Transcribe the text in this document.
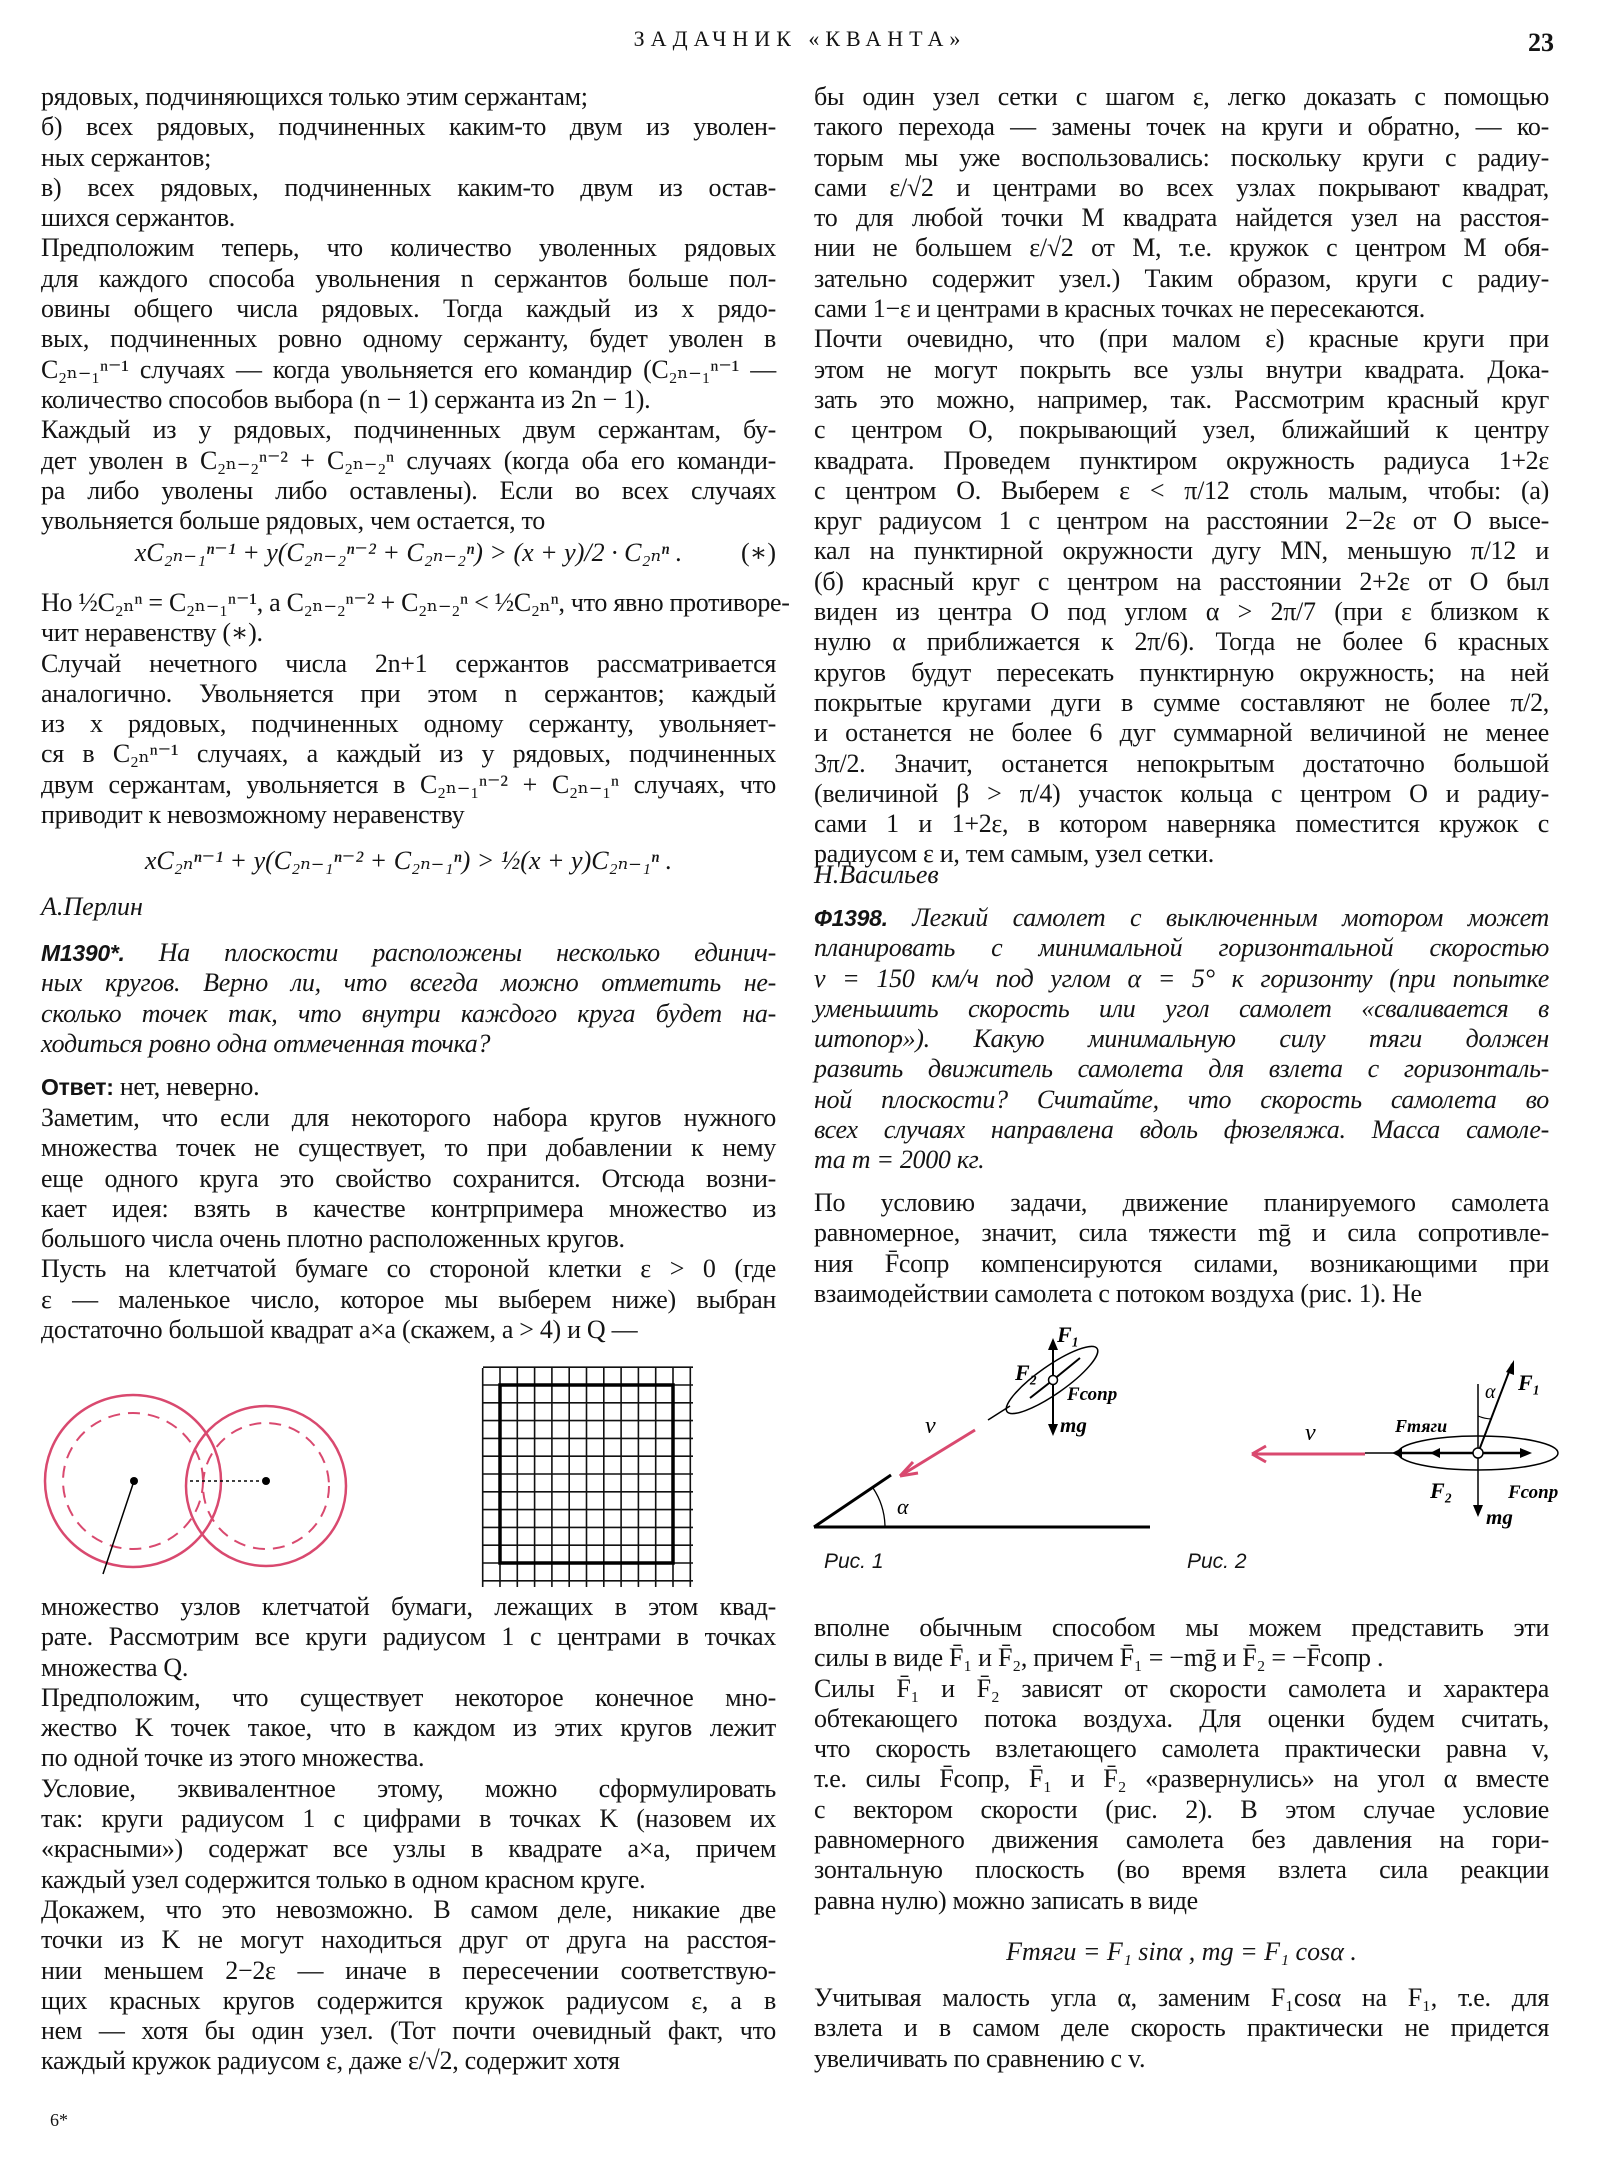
ЗАДАЧНИК «КВАНТА»	23
рядовых, подчиняющихся только этим сержантам;
б) всех рядовых, подчиненных каким-то двум из уволен-
ных сержантов;
в) всех рядовых, подчиненных каким-то двум из остав-
шихся сержантов.
Предположим теперь, что количество уволенных рядовых
для каждого способа увольнения n сержантов больше пол-
овины общего числа рядовых. Тогда каждый из x рядо-
вых, подчиненных ровно одному сержанту, будет уволен в
C₂ₙ₋₁ⁿ⁻¹ случаях — когда увольняется его командир (C₂ₙ₋₁ⁿ⁻¹ —
количество способов выбора (n − 1) сержанта из 2n − 1).
Каждый из y рядовых, подчиненных двум сержантам, бу-
дет уволен в C₂ₙ₋₂ⁿ⁻² + C₂ₙ₋₂ⁿ случаях (когда оба его команди-
ра либо уволены либо оставлены). Если во всех случаях
увольняется больше рядовых, чем остается, то
xC₂ₙ₋₁ⁿ⁻¹ + y(C₂ₙ₋₂ⁿ⁻² + C₂ₙ₋₂ⁿ) > (x + y)/2 · C₂ₙⁿ . (∗)
Но ½C₂ₙⁿ = C₂ₙ₋₁ⁿ⁻¹, а C₂ₙ₋₂ⁿ⁻² + C₂ₙ₋₂ⁿ < ½C₂ₙⁿ, что явно противоре-
чит неравенству (∗).
Случай нечетного числа 2n+1 сержантов рассматривается
аналогично. Увольняется при этом n сержантов; каждый
из x рядовых, подчиненных одному сержанту, увольняет-
ся в C₂ₙⁿ⁻¹ случаях, а каждый из y рядовых, подчиненных
двум сержантам, увольняется в C₂ₙ₋₁ⁿ⁻² + C₂ₙ₋₁ⁿ случаях, что
приводит к невозможному неравенству
xC₂ₙⁿ⁻¹ + y(C₂ₙ₋₁ⁿ⁻² + C₂ₙ₋₁ⁿ) > ½(x + y)C₂ₙ₋₁ⁿ .
А.Перлин
М1390*. На плоскости расположены несколько единич-
ных кругов. Верно ли, что всегда можно отметить не-
сколько точек так, что внутри каждого круга будет на-
ходиться ровно одна отмеченная точка?
Ответ: нет, неверно.
Заметим, что если для некоторого набора кругов нужного
множества точек не существует, то при добавлении к нему
еще одного круга это свойство сохранится. Отсюда возни-
кает идея: взять в качестве контрпримера множество из
большого числа очень плотно расположенных кругов.
Пусть на клетчатой бумаге со стороной клетки ε > 0 (где
ε — маленькое число, которое мы выберем ниже) выбран
достаточно большой квадрат a×a (скажем, a > 4) и Q —
множество узлов клетчатой бумаги, лежащих в этом квад-
рате. Рассмотрим все круги радиусом 1 с центрами в точках
множества Q.
Предположим, что существует некоторое конечное мно-
жество K точек такое, что в каждом из этих кругов лежит
по одной точке из этого множества.
Условие, эквивалентное этому, можно сформулировать
так: круги радиусом 1 с цифрами в точках K (назовем их
«красными») содержат все узлы в квадрате a×a, причем
каждый узел содержится только в одном красном круге.
Докажем, что это невозможно. В самом деле, никакие две
точки из K не могут находиться друг от друга на расстоя-
нии меньшем 2−2ε — иначе в пересечении соответствую-
щих красных кругов содержится кружок радиусом ε, а в
нем — хотя бы один узел. (Тот почти очевидный факт, что
каждый кружок радиусом ε, даже ε/√2, содержит хотя
6*
бы один узел сетки с шагом ε, легко доказать с помощью
такого перехода — замены точек на круги и обратно, — ко-
торым мы уже воспользовались: поскольку круги с радиу-
сами ε/√2 и центрами во всех узлах покрывают квадрат,
то для любой точки M квадрата найдется узел на расстоя-
нии не большем ε/√2 от M, т.е. кружок с центром M обя-
зательно содержит узел.) Таким образом, круги с радиу-
сами 1−ε и центрами в красных точках не пересекаются.
Почти очевидно, что (при малом ε) красные круги при
этом не могут покрыть все узлы внутри квадрата. Дока-
зать это можно, например, так. Рассмотрим красный круг
с центром O, покрывающий узел, ближайший к центру
квадрата. Проведем пунктиром окружность радиуса 1+2ε
с центром O. Выберем ε < π/12 столь малым, чтобы: (а)
круг радиусом 1 с центром на расстоянии 2−2ε от O высе-
кал на пунктирной окружности дугу MN, меньшую π/12 и
(б) красный круг с центром на расстоянии 2+2ε от O был
виден из центра O под углом α > 2π/7 (при ε близком к
нулю α приближается к 2π/6). Тогда не более 6 красных
кругов будут пересекать пунктирную окружность; на ней
покрытые кругами дуги в сумме составляют не более π/2,
и останется не более 6 дуг суммарной величиной не менее
3π/2. Значит, останется непокрытым достаточно большой
(величиной β > π/4) участок кольца с центром O и радиу-
сами 1 и 1+2ε, в котором наверняка поместится кружок с
радиусом ε и, тем самым, узел сетки.
Н.Васильев
Ф1398. Легкий самолет с выключенным мотором может
планировать с минимальной горизонтальной скоростью
v = 150 км/ч под углом α = 5° к горизонту (при попытке
уменьшить скорость или угол самолет «сваливается в
штопор»). Какую минимальную силу тяги должен
развить движитель самолета для взлета с горизонталь-
ной плоскости? Считайте, что скорость самолета во
всех случаях направлена вдоль фюзеляжа. Масса самоле-
та m = 2000 кг.
По условию задачи, движение планируемого самолета
равномерное, значит, сила тяжести mḡ и сила сопротивле-
ния F̄сопр компенсируются силами, возникающими при
взаимодействии самолета с потоком воздуха (рис. 1). Не
α
v
F₁
F₂
Fсопр
mg
Рис. 1
α F₁
Fтяги
v
F₂	Fсопр
mg
Рис. 2
вполне обычным способом мы можем представить эти
силы в виде F̄₁ и F̄₂, причем F̄₁ = −mḡ и F̄₂ = −F̄сопр .
Силы F̄₁ и F̄₂ зависят от скорости самолета и характера
обтекающего потока воздуха. Для оценки будем считать,
что скорость взлетающего самолета практически равна v,
т.е. силы F̄сопр, F̄₁ и F̄₂ «развернулись» на угол α вместе
с вектором скорости (рис. 2). В этом случае условие
равномерного движения самолета без давления на гори-
зонтальную плоскость (во время взлета сила реакции
равна нулю) можно записать в виде
Fтяги = F₁ sinα , mg = F₁ cosα .
Учитывая малость угла α, заменим F₁cosα на F₁, т.е. для
взлета и в самом деле скорость практически не придется
увеличивать по сравнению с v.
